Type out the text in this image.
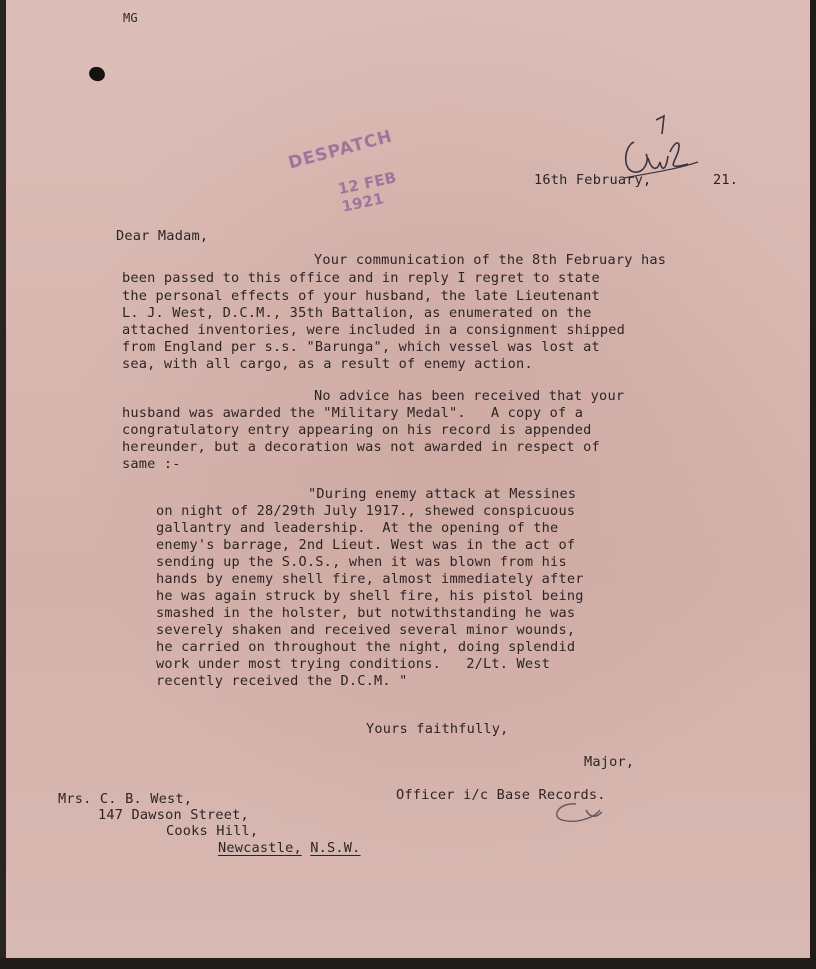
MG
DESPATCH
12 FEB 1921
16th February,	21.
Dear Madam,
Your communication of the 8th February has
been passed to this office and in reply I regret to state
the personal effects of your husband, the late Lieutenant
L. J. West, D.C.M., 35th Battalion, as enumerated on the
attached inventories, were included in a consignment shipped
from England per s.s. "Barunga", which vessel was lost at
sea, with all cargo, as a result of enemy action.
No advice has been received that your
husband was awarded the "Military Medal".   A copy of a
congratulatory entry appearing on his record is appended
hereunder, but a decoration was not awarded in respect of
same :-
"During enemy attack at Messines
on night of 28/29th July 1917., shewed conspicuous
gallantry and leadership.  At the opening of the
enemy's barrage, 2nd Lieut. West was in the act of
sending up the S.O.S., when it was blown from his
hands by enemy shell fire, almost immediately after
he was again struck by shell fire, his pistol being
smashed in the holster, but notwithstanding he was
severely shaken and received several minor wounds,
he carried on throughout the night, doing splendid
work under most trying conditions.   2/Lt. West
recently received the D.C.M. "
Yours faithfully,
Major,
Officer i/c Base Records.
Mrs. C. B. West,
147 Dawson Street,
Cooks Hill,
Newcastle, N.S.W.
